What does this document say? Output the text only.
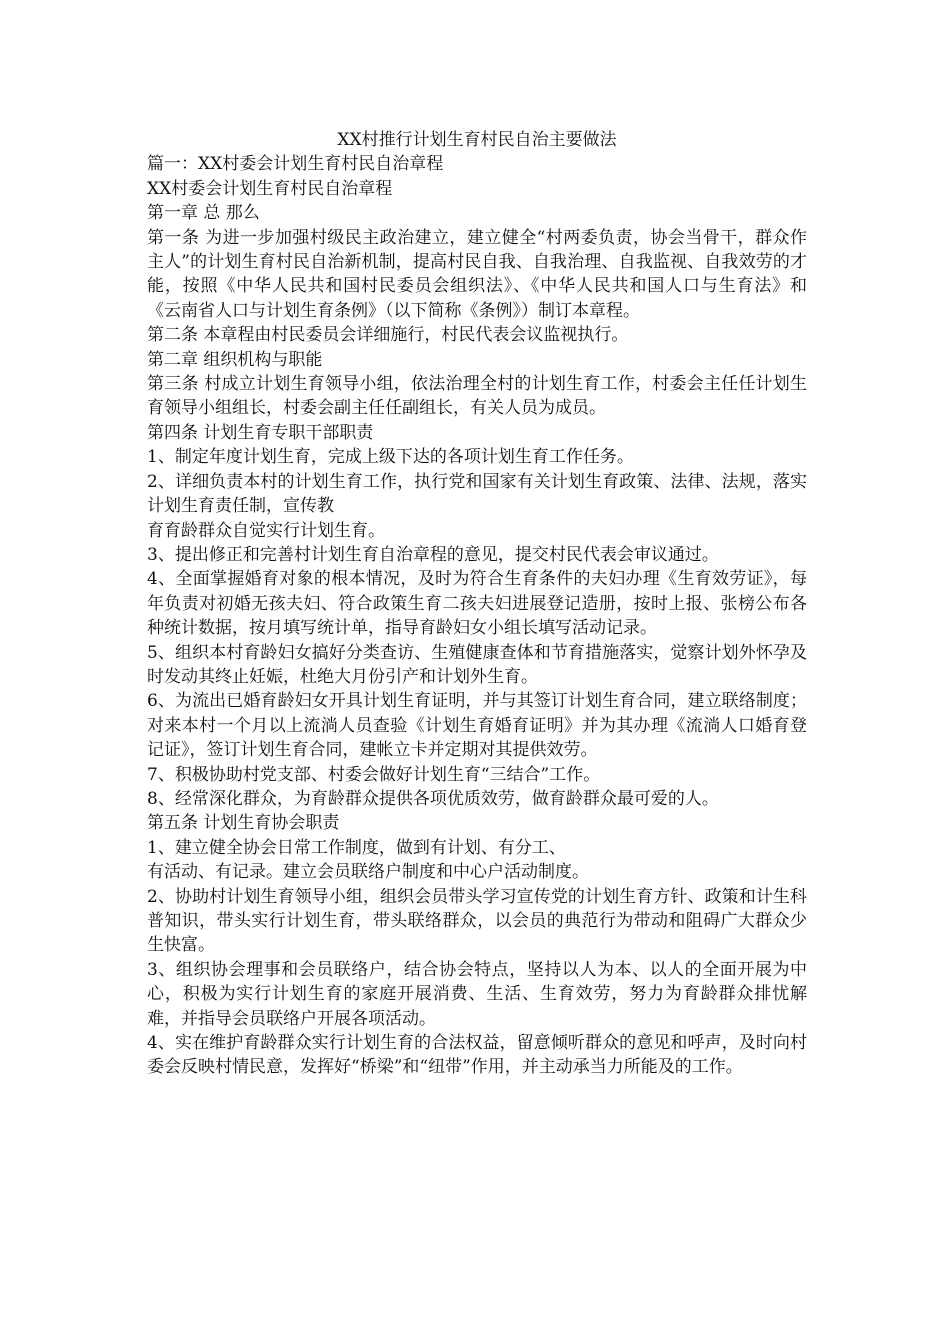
XX村推行计划生育村民自治主要做法

篇一：XX村委会计划生育村民自治章程

XX村委会计划生育村民自治章程

第一章 总 那么

第一条 为进一步加强村级民主政治建立，建立健全“村两委负责，协会当骨干，群众作主人”的计划生育村民自治新机制，提高村民自我、自我治理、自我监视、自我效劳的才能，按照《中华人民共和国村民委员会组织法》、《中华人民共和国人口与生育法》和《云南省人口与计划生育条例》（以下简称《条例》）制订本章程。

第二条 本章程由村民委员会详细施行，村民代表会议监视执行。

第二章 组织机构与职能

第三条 村成立计划生育领导小组，依法治理全村的计划生育工作，村委会主任任计划生育领导小组组长，村委会副主任任副组长，有关人员为成员。

第四条 计划生育专职干部职责

1、制定年度计划生育，完成上级下达的各项计划生育工作任务。

2、详细负责本村的计划生育工作，执行党和国家有关计划生育政策、法律、法规，落实计划生育责任制，宣传教

育育龄群众自觉实行计划生育。

3、提出修正和完善村计划生育自治章程的意见，提交村民代表会审议通过。

4、全面掌握婚育对象的根本情况，及时为符合生育条件的夫妇办理《生育效劳证》，每年负责对初婚无孩夫妇、符合政策生育二孩夫妇进展登记造册，按时上报、张榜公布各种统计数据，按月填写统计单，指导育龄妇女小组长填写活动记录。

5、组织本村育龄妇女搞好分类查访、生殖健康查体和节育措施落实，觉察计划外怀孕及时发动其终止妊娠，杜绝大月份引产和计划外生育。

6、为流出已婚育龄妇女开具计划生育证明，并与其签订计划生育合同，建立联络制度；对来本村一个月以上流淌人员查验《计划生育婚育证明》并为其办理《流淌人口婚育登记证》，签订计划生育合同，建帐立卡并定期对其提供效劳。

7、积极协助村党支部、村委会做好计划生育“三结合”工作。

8、经常深化群众，为育龄群众提供各项优质效劳，做育龄群众最可爱的人。

第五条 计划生育协会职责

1、建立健全协会日常工作制度，做到有计划、有分工、

有活动、有记录。建立会员联络户制度和中心户活动制度。

2、协助村计划生育领导小组，组织会员带头学习宣传党的计划生育方针、政策和计生科普知识，带头实行计划生育，带头联络群众，以会员的典范行为带动和阻碍广大群众少生快富。

3、组织协会理事和会员联络户，结合协会特点，坚持以人为本、以人的全面开展为中心，积极为实行计划生育的家庭开展消费、生活、生育效劳，努力为育龄群众排忧解难，并指导会员联络户开展各项活动。

4、实在维护育龄群众实行计划生育的合法权益，留意倾听群众的意见和呼声，及时向村委会反映村情民意，发挥好“桥梁”和“纽带”作用，并主动承当力所能及的工作。
